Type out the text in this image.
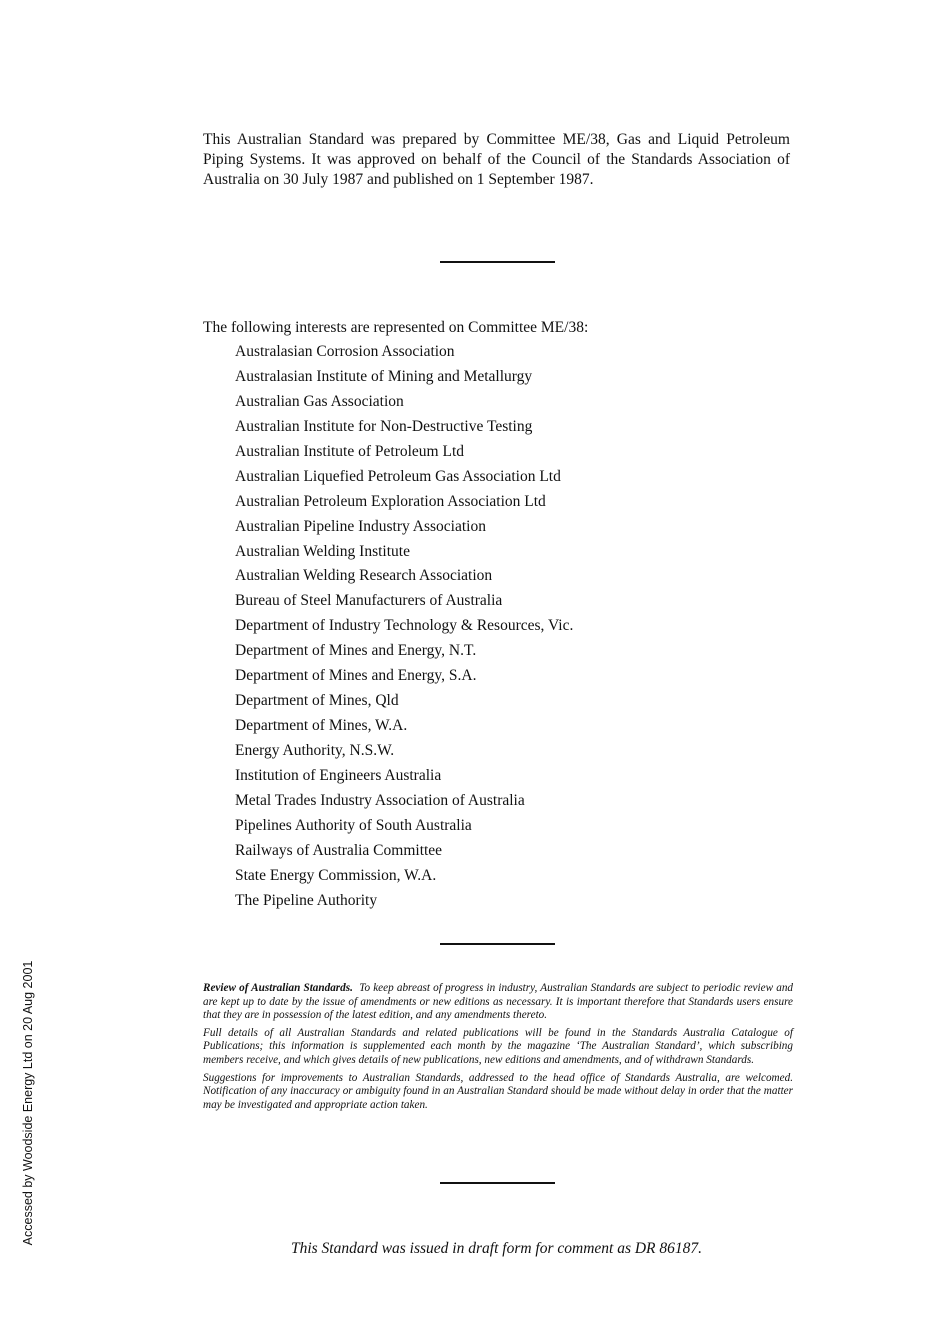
This Australian Standard was prepared by Committee ME/38, Gas and Liquid Petroleum Piping Systems. It was approved on behalf of the Council of the Standards Association of Australia on 30 July 1987 and published on 1 September 1987.

The following interests are represented on Committee ME/38:

Australasian Corrosion Association
Australasian Institute of Mining and Metallurgy
Australian Gas Association
Australian Institute for Non-Destructive Testing
Australian Institute of Petroleum Ltd
Australian Liquefied Petroleum Gas Association Ltd
Australian Petroleum Exploration Association Ltd
Australian Pipeline Industry Association
Australian Welding Institute
Australian Welding Research Association
Bureau of Steel Manufacturers of Australia
Department of Industry Technology & Resources, Vic.
Department of Mines and Energy, N.T.
Department of Mines and Energy, S.A.
Department of Mines, Qld
Department of Mines, W.A.
Energy Authority, N.S.W.
Institution of Engineers Australia
Metal Trades Industry Association of Australia
Pipelines Authority of South Australia
Railways of Australia Committee
State Energy Commission, W.A.
The Pipeline Authority

Review of Australian Standards. To keep abreast of progress in industry, Australian Standards are subject to periodic review and are kept up to date by the issue of amendments or new editions as necessary. It is important therefore that Standards users ensure that they are in possession of the latest edition, and any amendments thereto.

Full details of all Australian Standards and related publications will be found in the Standards Australia Catalogue of Publications; this information is supplemented each month by the magazine ‘The Australian Standard’, which subscribing members receive, and which gives details of new publications, new editions and amendments, and of withdrawn Standards.

Suggestions for improvements to Australian Standards, addressed to the head office of Standards Australia, are welcomed. Notification of any inaccuracy or ambiguity found in an Australian Standard should be made without delay in order that the matter may be investigated and appropriate action taken.

This Standard was issued in draft form for comment as DR 86187.

Accessed by Woodside Energy Ltd on 20 Aug 2001
